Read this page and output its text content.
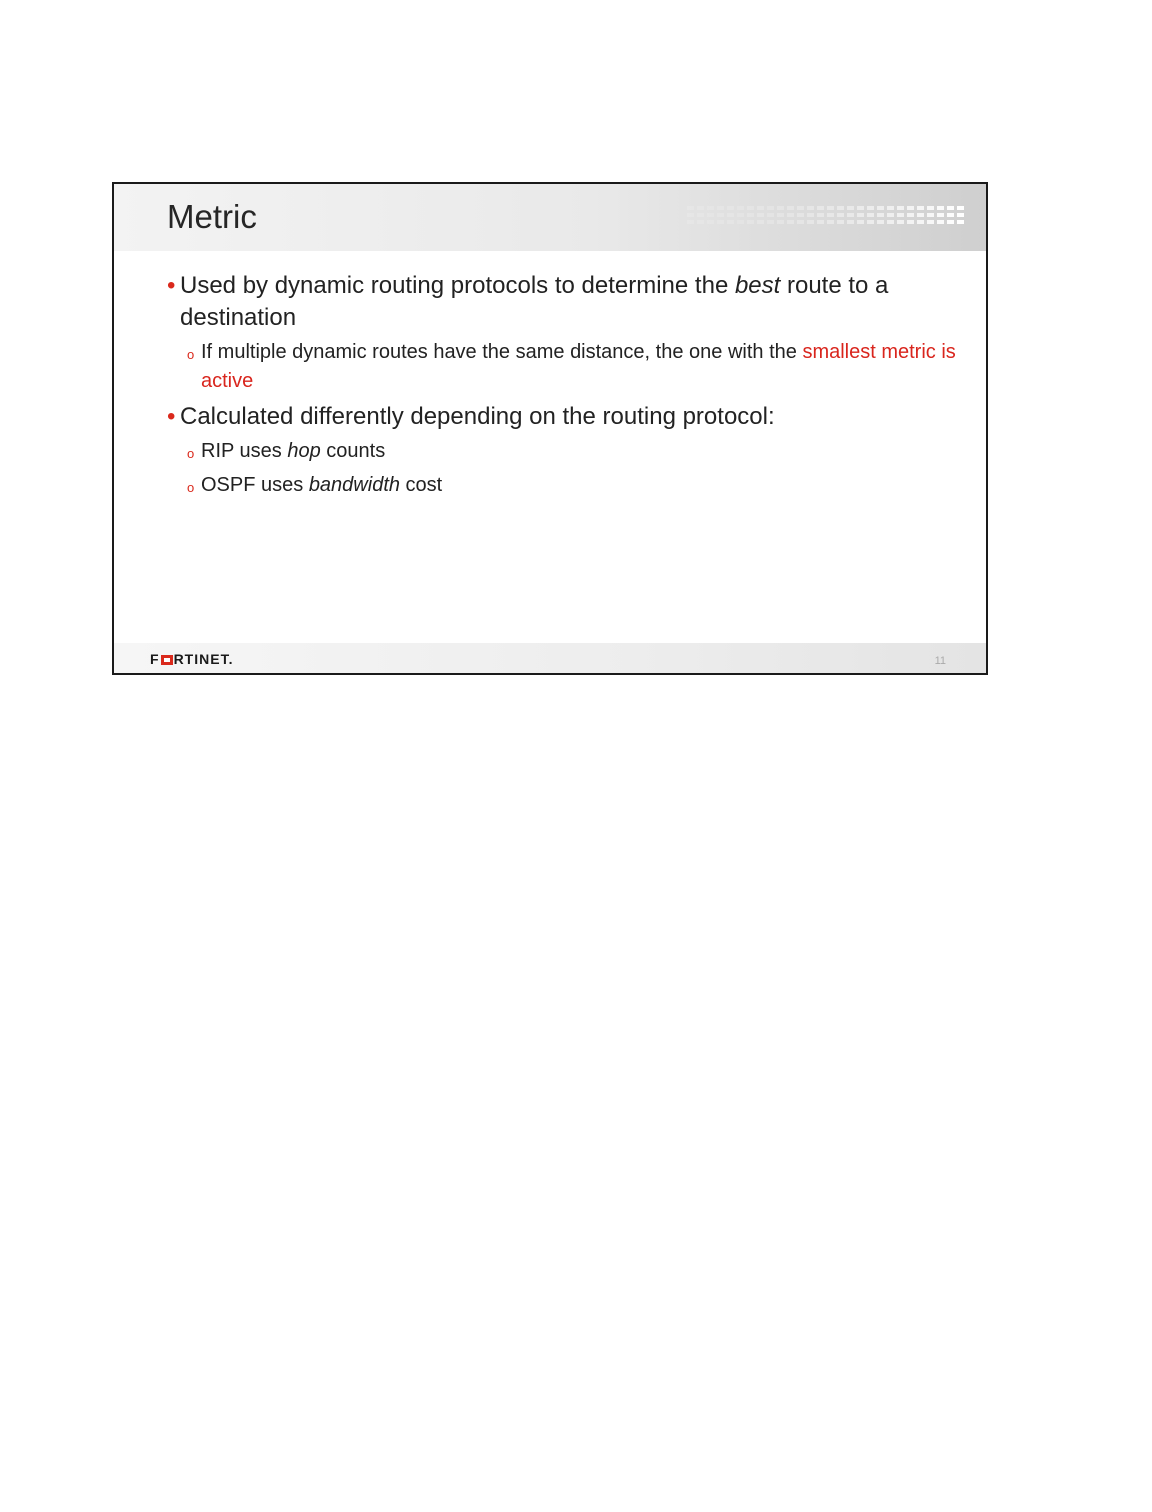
Metric
• Used by dynamic routing protocols to determine the best route to a destination
o If multiple dynamic routes have the same distance, the one with the smallest metric is active
• Calculated differently depending on the routing protocol:
o RIP uses hop counts
o OSPF uses bandwidth cost
F RTINET.	11
